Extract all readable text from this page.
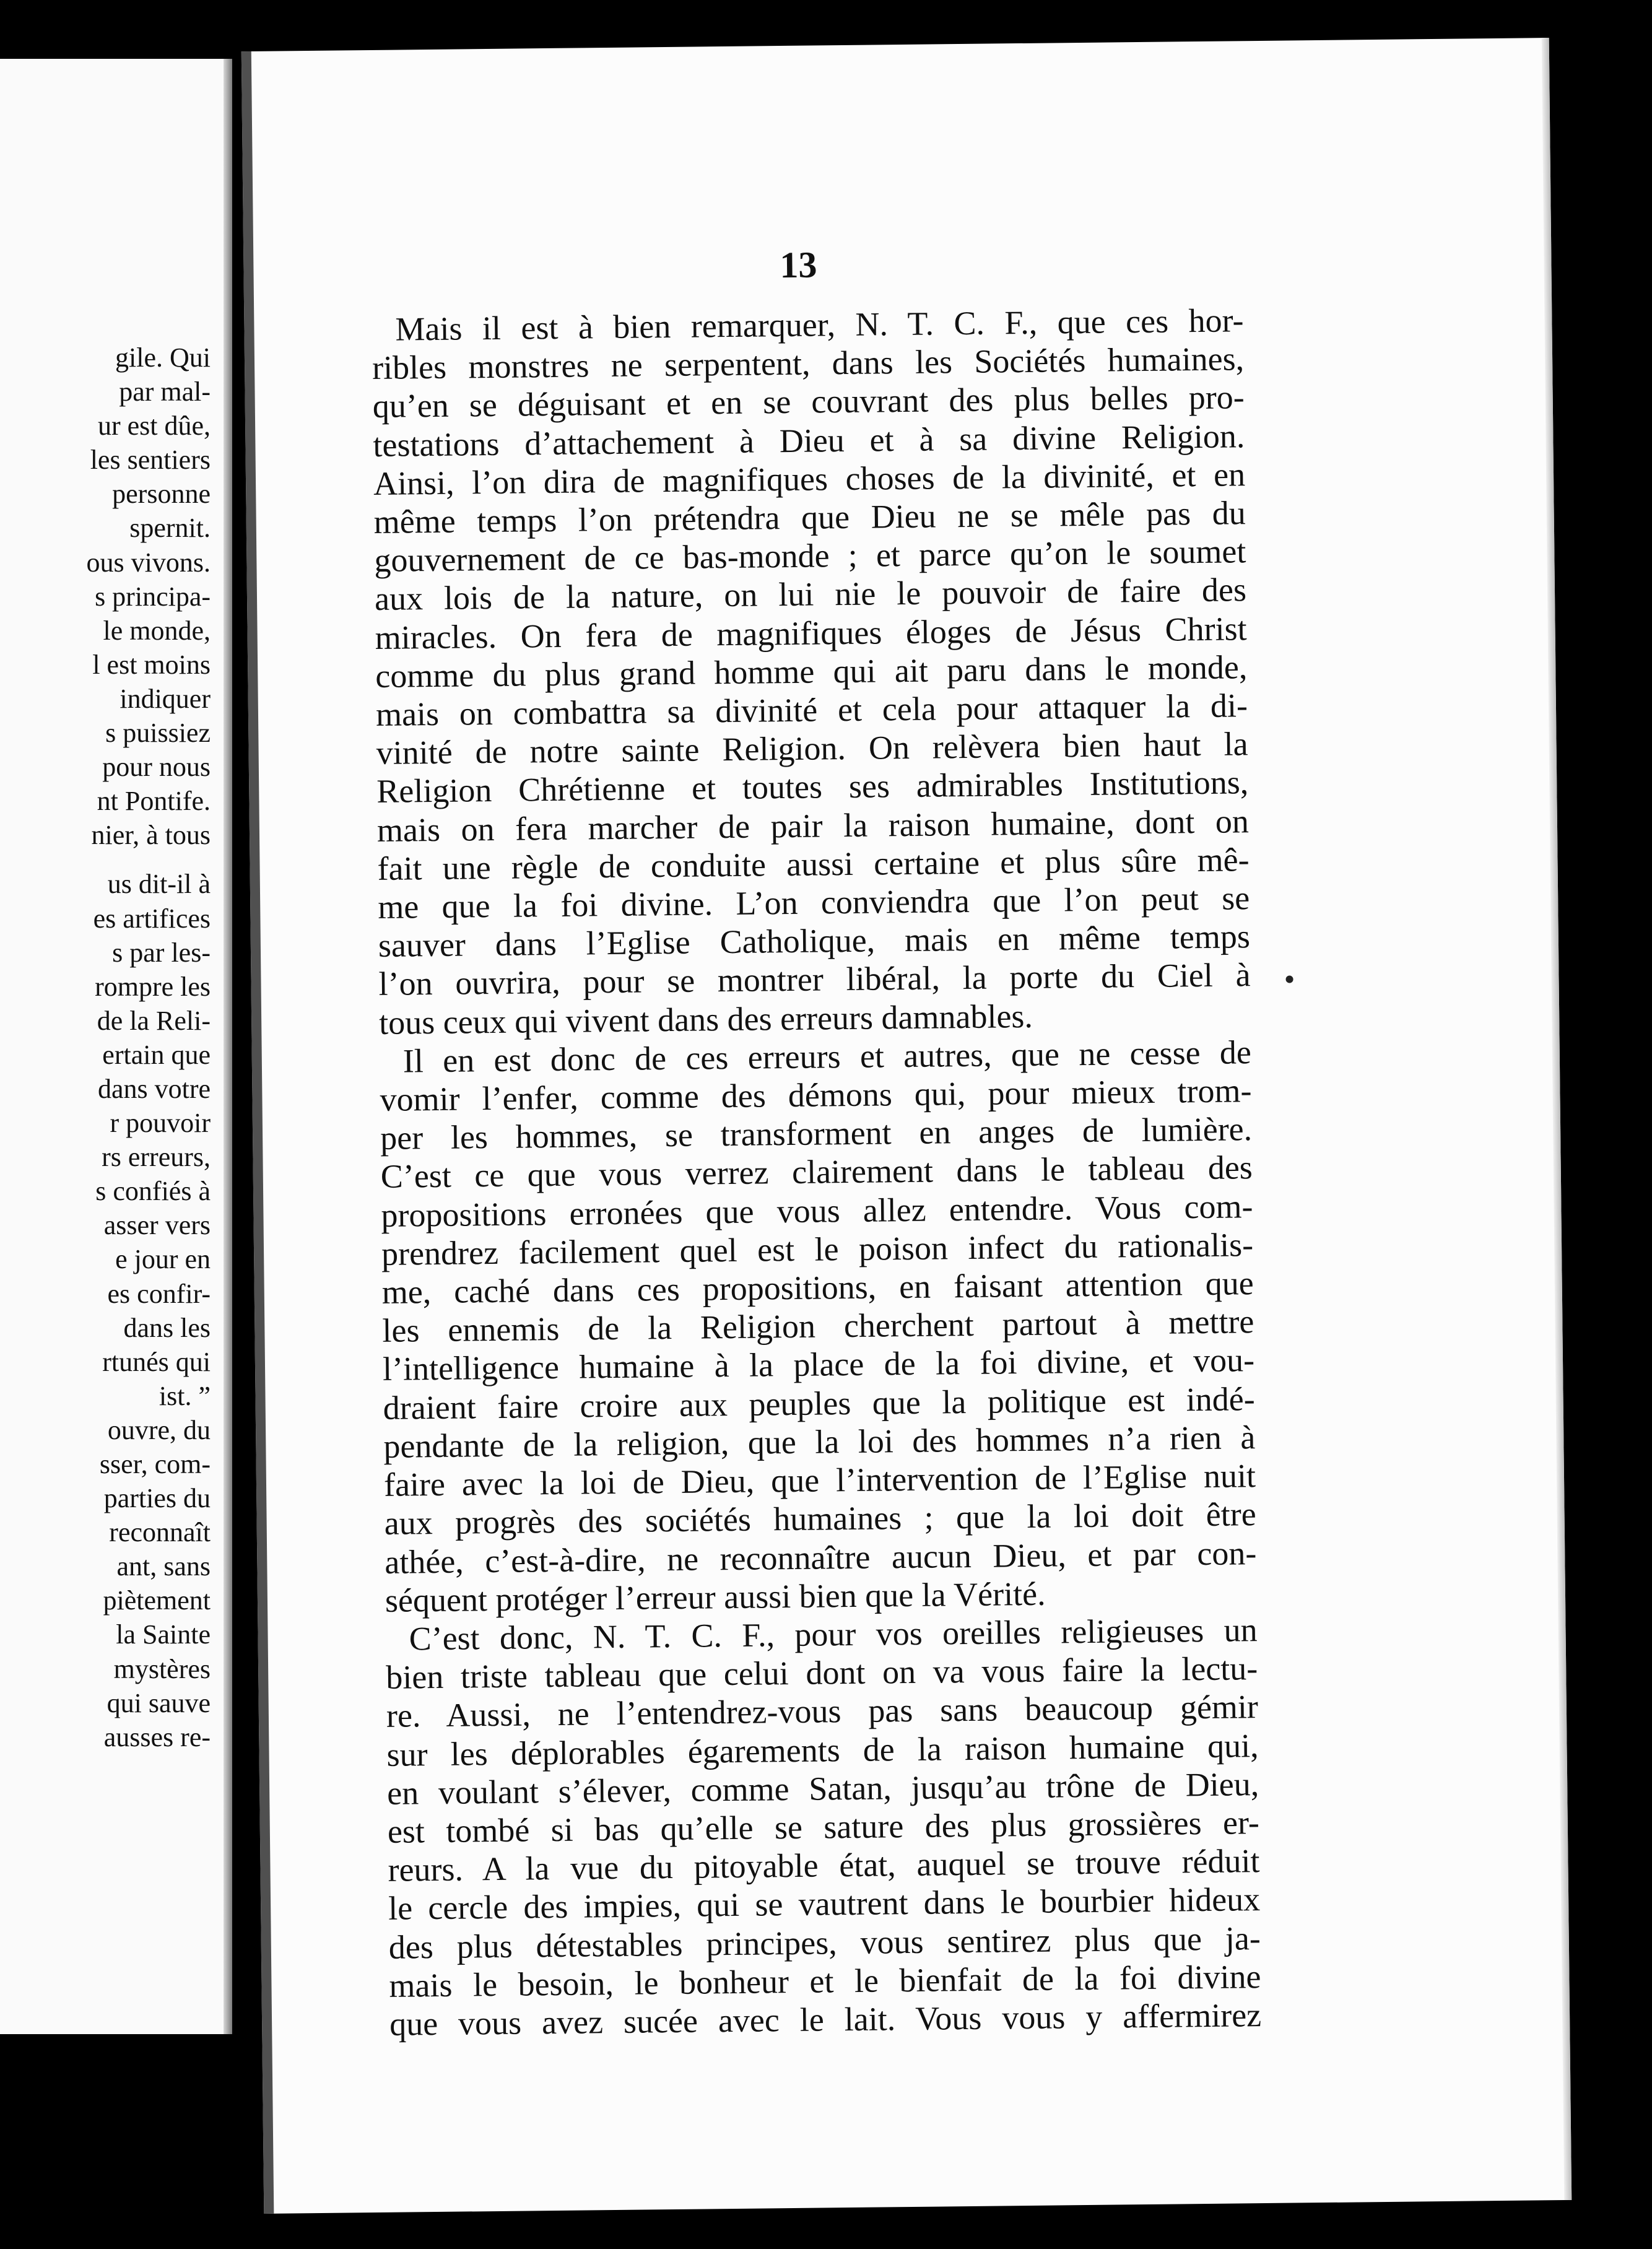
gile. Qui
par mal-
ur est dûe,
les sentiers
personne
spernit.
ous vivons.
s principa-
le monde,
l est moins
indiquer
s puissiez
pour nous
nt Pontife.
nier, à tous
us dit-il à
es artifices
s par les-
rompre les
de la Reli-
ertain que
dans votre
r pouvoir
rs erreurs,
s confiés à
asser vers
e jour en
es confir-
dans les
rtunés qui
ist. ”
ouvre, du
sser, com-
parties du
reconnaît
ant, sans
piètement
la Sainte
mystères
qui sauve
ausses re-
13

Mais il est à bien remarquer, N. T. C. F., que ces hor-
ribles monstres ne serpentent, dans les Sociétés humaines,
qu’en se déguisant et en se couvrant des plus belles pro-
testations d’attachement à Dieu et à sa divine Religion.
Ainsi, l’on dira de magnifiques choses de la divinité, et en
même temps l’on prétendra que Dieu ne se mêle pas du
gouvernement de ce bas-monde ; et parce qu’on le soumet
aux lois de la nature, on lui nie le pouvoir de faire des
miracles. On fera de magnifiques éloges de Jésus Christ
comme du plus grand homme qui ait paru dans le monde,
mais on combattra sa divinité et cela pour attaquer la di-
vinité de notre sainte Religion. On relèvera bien haut la
Religion Chrétienne et toutes ses admirables Institutions,
mais on fera marcher de pair la raison humaine, dont on
fait une règle de conduite aussi certaine et plus sûre mê-
me que la foi divine. L’on conviendra que l’on peut se
sauver dans l’Eglise Catholique, mais en même temps
l’on ouvrira, pour se montrer libéral, la porte du Ciel à
tous ceux qui vivent dans des erreurs damnables.

Il en est donc de ces erreurs et autres, que ne cesse de
vomir l’enfer, comme des démons qui, pour mieux trom-
per les hommes, se transforment en anges de lumière.
C’est ce que vous verrez clairement dans le tableau des
propositions erronées que vous allez entendre. Vous com-
prendrez facilement quel est le poison infect du rationalis-
me, caché dans ces propositions, en faisant attention que
les ennemis de la Religion cherchent partout à mettre
l’intelligence humaine à la place de la foi divine, et vou-
draient faire croire aux peuples que la politique est indé-
pendante de la religion, que la loi des hommes n’a rien à
faire avec la loi de Dieu, que l’intervention de l’Eglise nuit
aux progrès des sociétés humaines ; que la loi doit être
athée, c’est-à-dire, ne reconnaître aucun Dieu, et par con-
séquent protéger l’erreur aussi bien que la Vérité.

C’est donc, N. T. C. F., pour vos oreilles religieuses un
bien triste tableau que celui dont on va vous faire la lectu-
re. Aussi, ne l’entendrez-vous pas sans beaucoup gémir
sur les déplorables égarements de la raison humaine qui,
en voulant s’élever, comme Satan, jusqu’au trône de Dieu,
est tombé si bas qu’elle se sature des plus grossières er-
reurs. A la vue du pitoyable état, auquel se trouve réduit
le cercle des impies, qui se vautrent dans le bourbier hideux
des plus détestables principes, vous sentirez plus que ja-
mais le besoin, le bonheur et le bienfait de la foi divine
que vous avez sucée avec le lait. Vous vous y affermirez
